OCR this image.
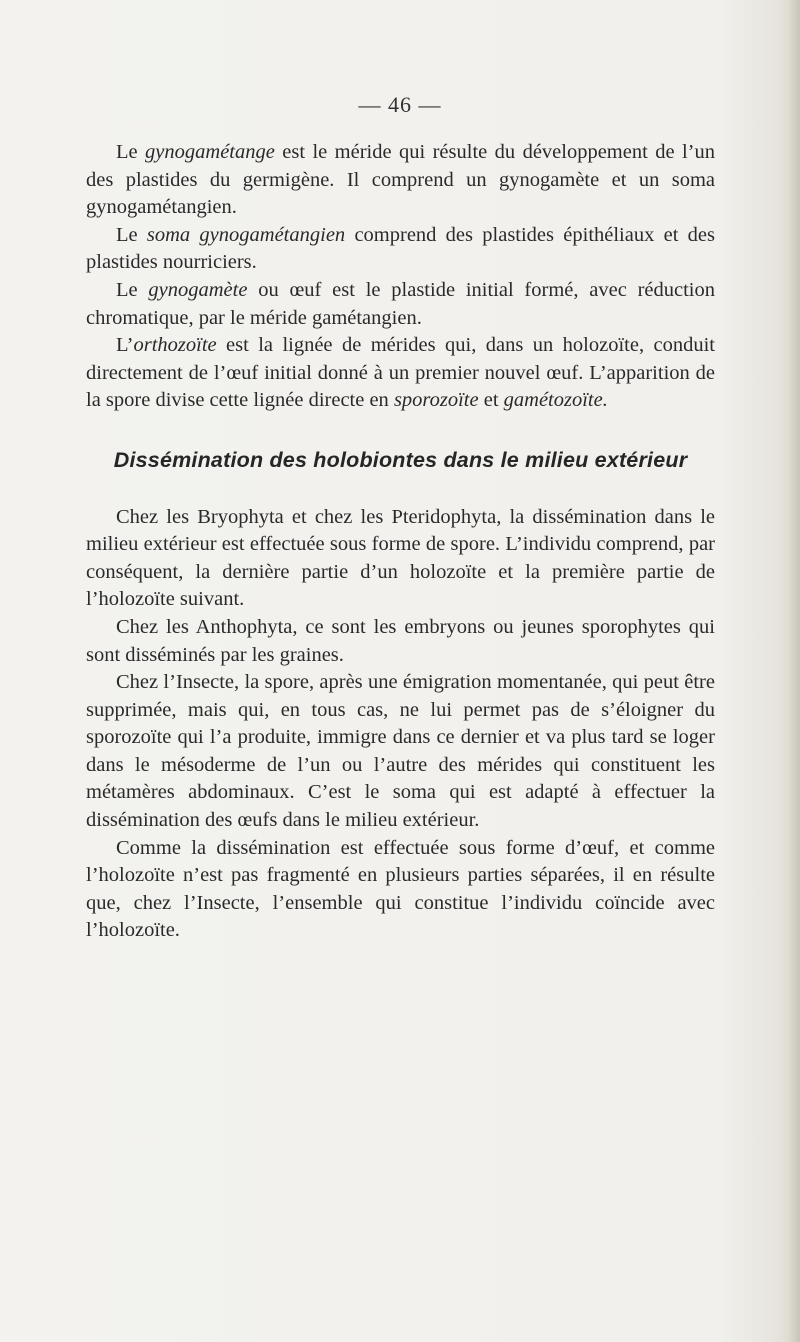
— 46 —

Le gynogamétange est le méride qui résulte du développement de l’un des plastides du germigène. Il comprend un gynogamète et un soma gynogamétangien.

Le soma gynogamétangien comprend des plastides épithéliaux et des plastides nourriciers.

Le gynogamète ou œuf est le plastide initial formé, avec réduction chromatique, par le méride gamétangien.

L’orthozoïte est la lignée de mérides qui, dans un holozoïte, conduit directement de l’œuf initial donné à un premier nouvel œuf. L’apparition de la spore divise cette lignée directe en sporozoïte et gamétozoïte.

Dissémination des holobiontes dans le milieu extérieur

Chez les Bryophyta et chez les Pteridophyta, la dissémination dans le milieu extérieur est effectuée sous forme de spore. L’individu comprend, par conséquent, la dernière partie d’un holozoïte et la première partie de l’holozoïte suivant.

Chez les Anthophyta, ce sont les embryons ou jeunes sporophytes qui sont disséminés par les graines.

Chez l’Insecte, la spore, après une émigration momentanée, qui peut être supprimée, mais qui, en tous cas, ne lui permet pas de s’éloigner du sporozoïte qui l’a produite, immigre dans ce dernier et va plus tard se loger dans le mésoderme de l’un ou l’autre des mérides qui constituent les métamères abdominaux. C’est le soma qui est adapté à effectuer la dissémination des œufs dans le milieu extérieur.

Comme la dissémination est effectuée sous forme d’œuf, et comme l’holozoïte n’est pas fragmenté en plusieurs parties séparées, il en résulte que, chez l’Insecte, l’ensemble qui constitue l’individu coïncide avec l’holozoïte.
